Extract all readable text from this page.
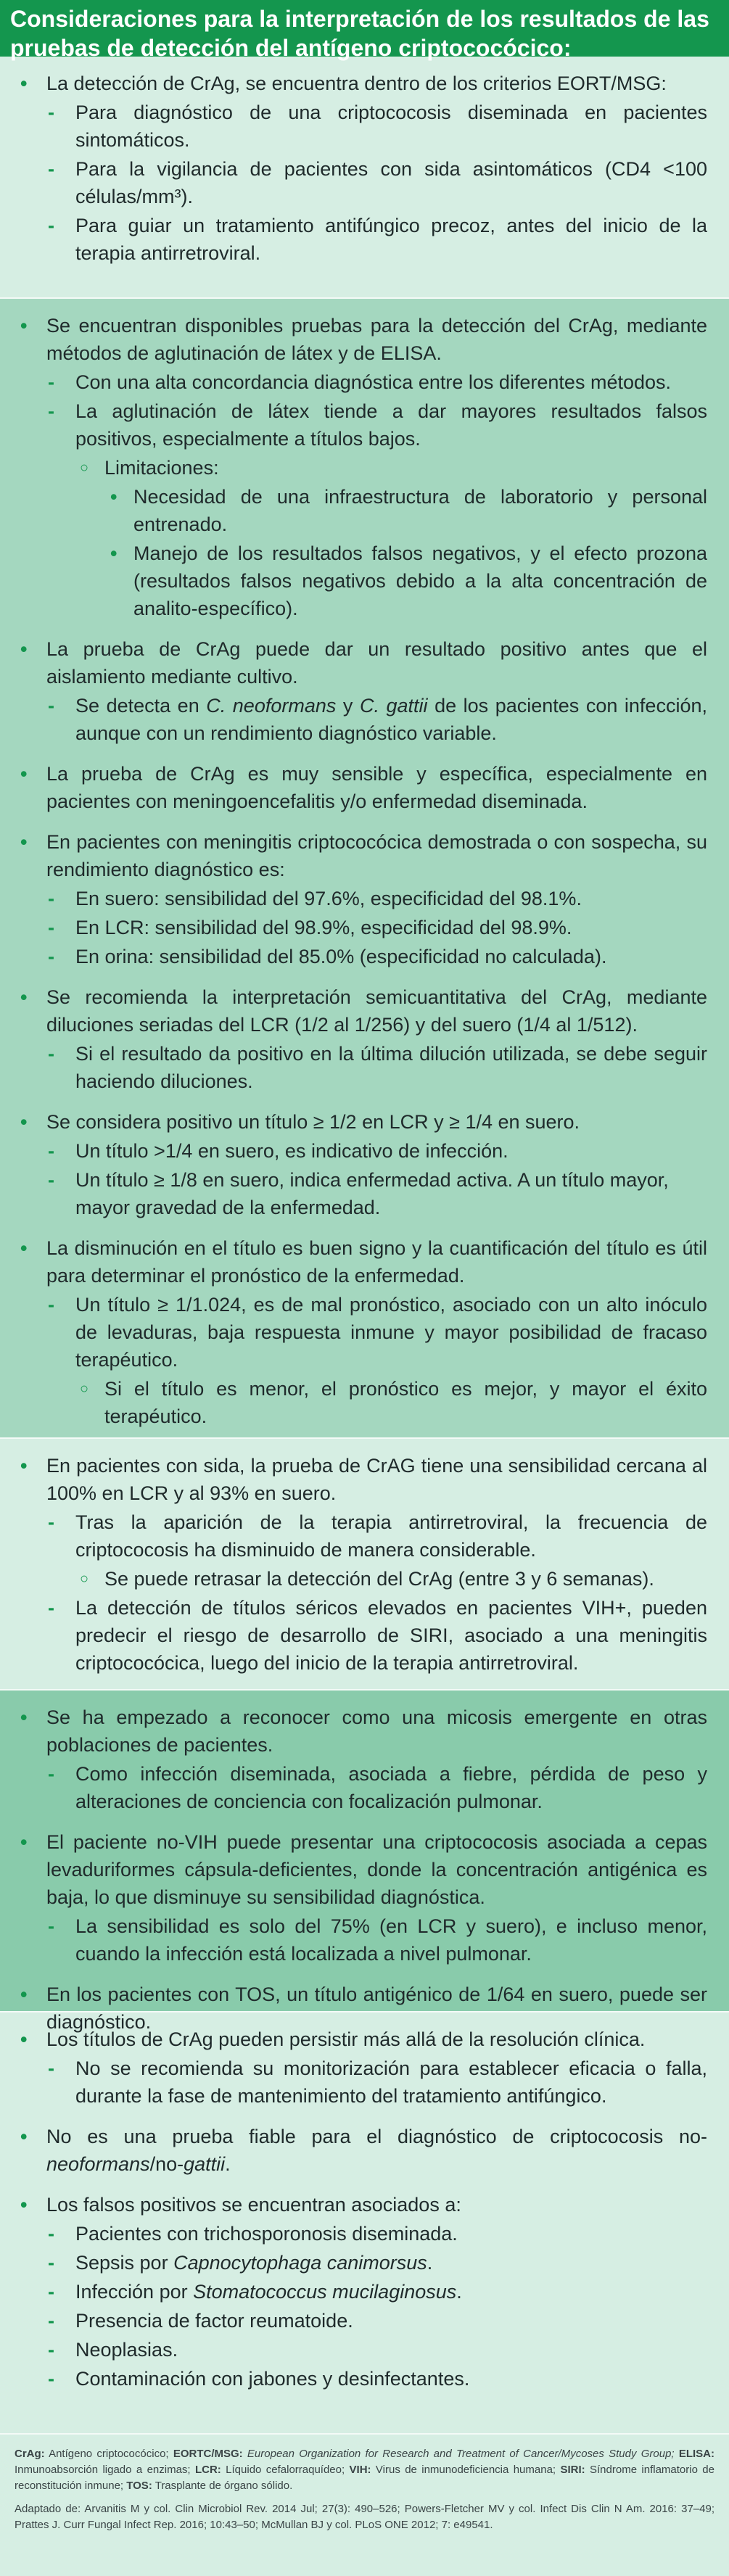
Consideraciones para la interpretación de los resultados de las pruebas de detección del antígeno criptococócico:
• La detección de CrAg, se encuentra dentro de los criterios EORT/MSG:
- Para diagnóstico de una criptococosis diseminada en pacientes sintomáticos.
- Para la vigilancia de pacientes con sida asintomáticos (CD4 <100 células/mm³).
- Para guiar un tratamiento antifúngico precoz, antes del inicio de la terapia antirretroviral.
• Se encuentran disponibles pruebas para la detección del CrAg, mediante métodos de aglutinación de látex y de ELISA.
- Con una alta concordancia diagnóstica entre los diferentes métodos.
- La aglutinación de látex tiende a dar mayores resultados falsos positivos, especialmente a títulos bajos.
○ Limitaciones:
• Necesidad de una infraestructura de laboratorio y personal entrenado.
• Manejo de los resultados falsos negativos, y el efecto prozona (resultados falsos negativos debido a la alta concentración de analito-específico).
• La prueba de CrAg puede dar un resultado positivo antes que el aislamiento mediante cultivo.
- Se detecta en C. neoformans y C. gattii de los pacientes con infección, aunque con un rendimiento diagnóstico variable.
• La prueba de CrAg es muy sensible y específica, especialmente en pacientes con meningoencefalitis y/o enfermedad diseminada.
• En pacientes con meningitis criptococócica demostrada o con sospecha, su rendimiento diagnóstico es:
- En suero: sensibilidad del 97.6%, especificidad del 98.1%.
- En LCR: sensibilidad del 98.9%, especificidad del 98.9%.
- En orina: sensibilidad del 85.0% (especificidad no calculada).
• Se recomienda la interpretación semicuantitativa del CrAg, mediante diluciones seriadas del LCR (1/2 al 1/256) y del suero (1/4 al 1/512).
- Si el resultado da positivo en la última dilución utilizada, se debe seguir haciendo diluciones.
• Se considera positivo un título ≥ 1/2 en LCR y ≥ 1/4 en suero.
- Un título >1/4 en suero, es indicativo de infección.
- Un título ≥ 1/8 en suero, indica enfermedad activa. A un título mayor, mayor gravedad de la enfermedad.
• La disminución en el título es buen signo y la cuantificación del título es útil para determinar el pronóstico de la enfermedad.
- Un título ≥ 1/1.024, es de mal pronóstico, asociado con un alto inóculo de levaduras, baja respuesta inmune y mayor posibilidad de fracaso terapéutico.
○ Si el título es menor, el pronóstico es mejor, y mayor el éxito terapéutico.
• En pacientes con sida, la prueba de CrAG tiene una sensibilidad cercana al 100% en LCR y al 93% en suero.
- Tras la aparición de la terapia antirretroviral, la frecuencia de criptococosis ha disminuido de manera considerable.
○ Se puede retrasar la detección del CrAg (entre 3 y 6 semanas).
- La detección de títulos séricos elevados en pacientes VIH+, pueden predecir el riesgo de desarrollo de SIRI, asociado a una meningitis criptococócica, luego del inicio de la terapia antirretroviral.
• Se ha empezado a reconocer como una micosis emergente en otras poblaciones de pacientes.
- Como infección diseminada, asociada a fiebre, pérdida de peso y alteraciones de conciencia con focalización pulmonar.
• El paciente no-VIH puede presentar una criptococosis asociada a cepas levaduriformes cápsula-deficientes, donde la concentración antigénica es baja, lo que disminuye su sensibilidad diagnóstica.
- La sensibilidad es solo del 75% (en LCR y suero), e incluso menor, cuando la infección está localizada a nivel pulmonar.
• En los pacientes con TOS, un título antigénico de 1/64 en suero, puede ser diagnóstico.
• Los títulos de CrAg pueden persistir más allá de la resolución clínica.
- No se recomienda su monitorización para establecer eficacia o falla, durante la fase de mantenimiento del tratamiento antifúngico.
• No es una prueba fiable para el diagnóstico de criptococosis no-neoformans/no-gattii.
• Los falsos positivos se encuentran asociados a:
- Pacientes con trichosporonosis diseminada.
- Sepsis por Capnocytophaga canimorsus.
- Infección por Stomatococcus mucilaginosus.
- Presencia de factor reumatoide.
- Neoplasias.
- Contaminación con jabones y desinfectantes.
CrAg: Antígeno criptococócico; EORTC/MSG: European Organization for Research and Treatment of Cancer/Mycoses Study Group; ELISA: Inmunoabsorción ligado a enzimas; LCR: Líquido cefalorraquídeo; VIH: Virus de inmunodeficiencia humana; SIRI: Síndrome inflamatorio de reconstitución inmune; TOS: Trasplante de órgano sólido.
Adaptado de: Arvanitis M y col. Clin Microbiol Rev. 2014 Jul; 27(3): 490–526; Powers-Fletcher MV y col. Infect Dis Clin N Am. 2016: 37–49; Prattes J. Curr Fungal Infect Rep. 2016; 10:43–50; McMullan BJ y col. PLoS ONE 2012; 7: e49541.
